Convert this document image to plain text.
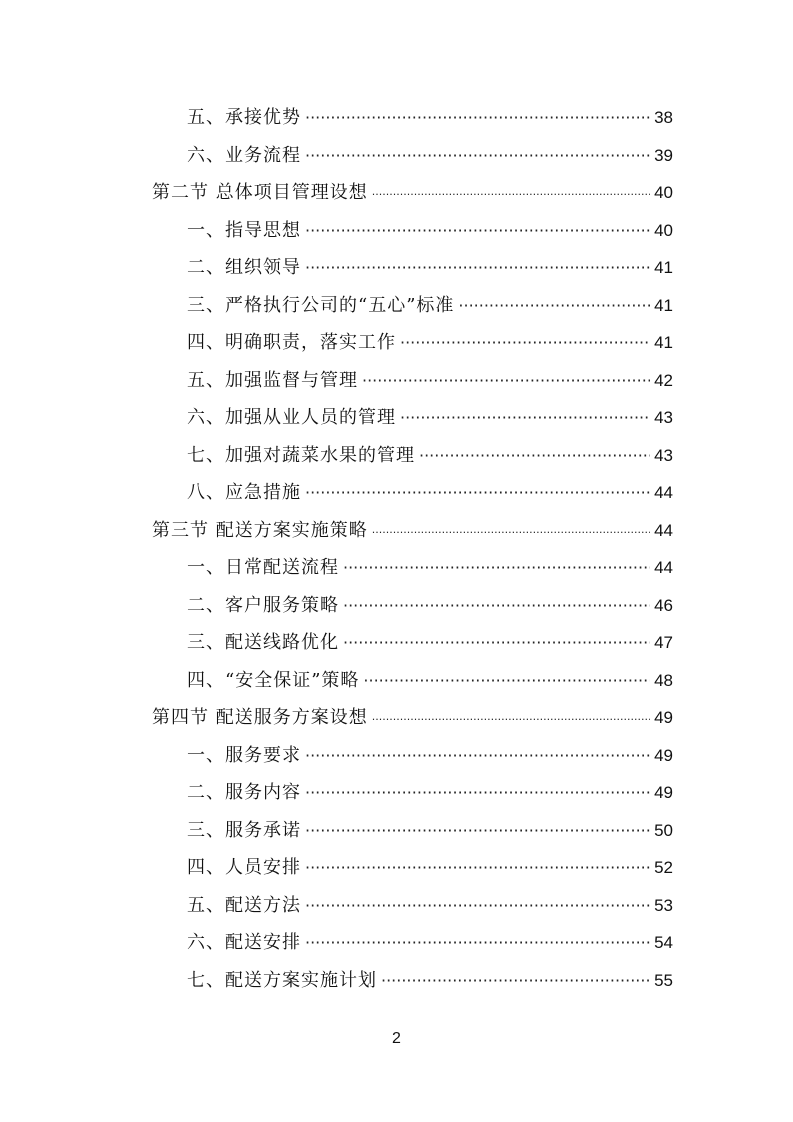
五、承接优势 ·····	38
六、业务流程 ·····	39
第二节 总体项目管理设想 ·····	40
一、指导思想 ·····	40
二、组织领导 ·····	41
三、严格执行公司的“五心”标准 ·····	41
四、明确职责，落实工作 ·····	41
五、加强监督与管理 ·····	42
六、加强从业人员的管理 ·····	43
七、加强对蔬菜水果的管理 ·····	43
八、应急措施 ·····	44
第三节 配送方案实施策略 ·····	44
一、日常配送流程 ·····	44
二、客户服务策略 ·····	46
三、配送线路优化 ·····	47
四、“安全保证”策略 ·····	48
第四节 配送服务方案设想 ·····	49
一、服务要求 ·····	49
二、服务内容 ·····	49
三、服务承诺 ·····	50
四、人员安排 ·····	52
五、配送方法 ·····	53
六、配送安排 ·····	54
七、配送方案实施计划 ·····	55
2
